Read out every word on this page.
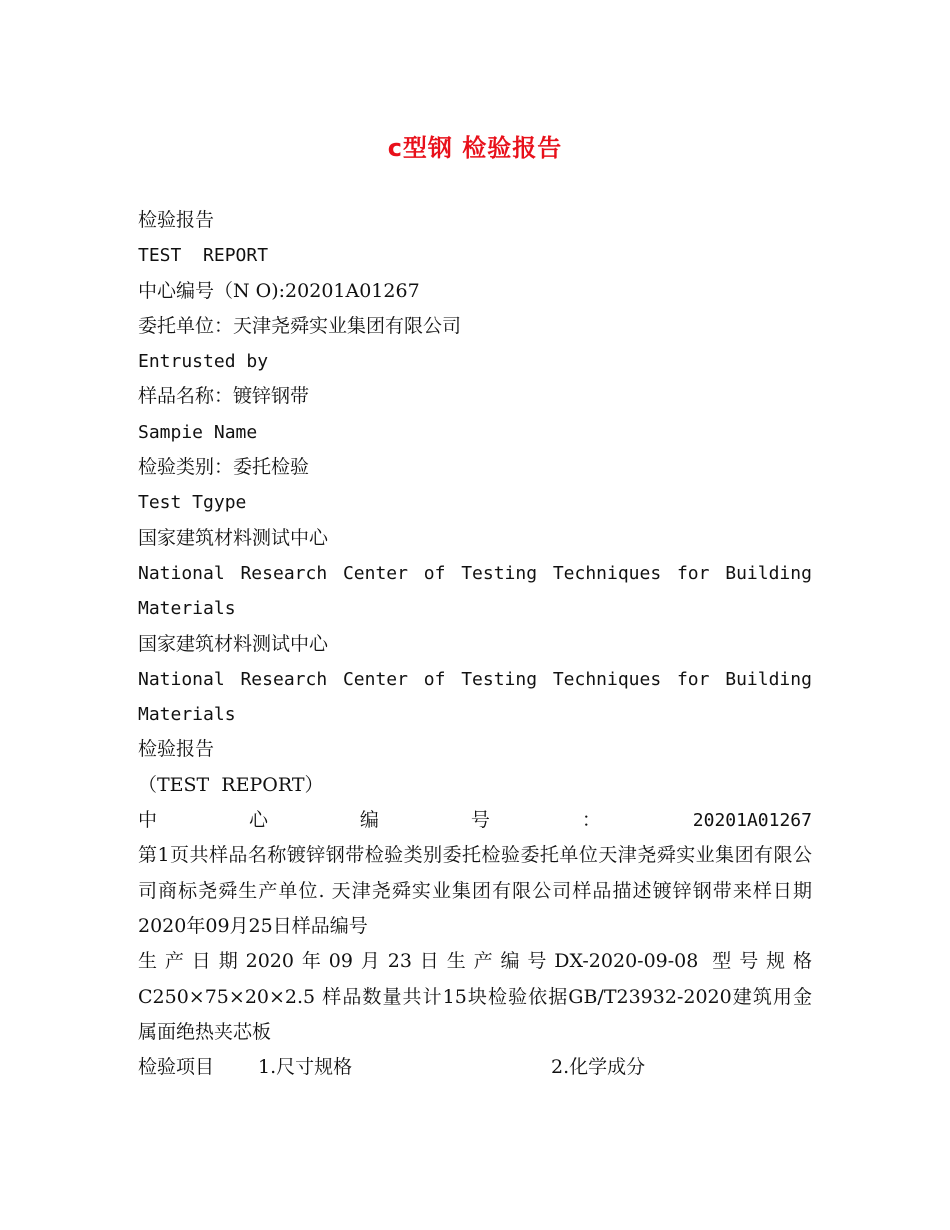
c型钢 检验报告
检验报告
TEST  REPORT
中心编号（N O):20201A01267
委托单位：天津尧舜实业集团有限公司
Entrusted by
样品名称：镀锌钢带
Sampie Name
检验类别：委托检验
Test Tgype
国家建筑材料测试中心
National Research Center of Testing Techniques for Building
Materials
国家建筑材料测试中心
National Research Center of Testing Techniques for Building
Materials
检验报告
（TEST  REPORT）
中	心	编	号	：	20201A01267
第1页共样品名称镀锌钢带检验类别委托检验委托单位天津尧舜实业集团有限公司商标尧舜生产单位. 天津尧舜实业集团有限公司样品描述镀锌钢带来样日期2020年09月25日样品编号
生产日期2020年09月23日生产编号DX-2020-09-08 型号规格C250×75×20×2.5 样品数量共计15块检验依据GB/T23932-2020建筑用金属面绝热夹芯板
检验项目	1.尺寸规格	2.化学成分
